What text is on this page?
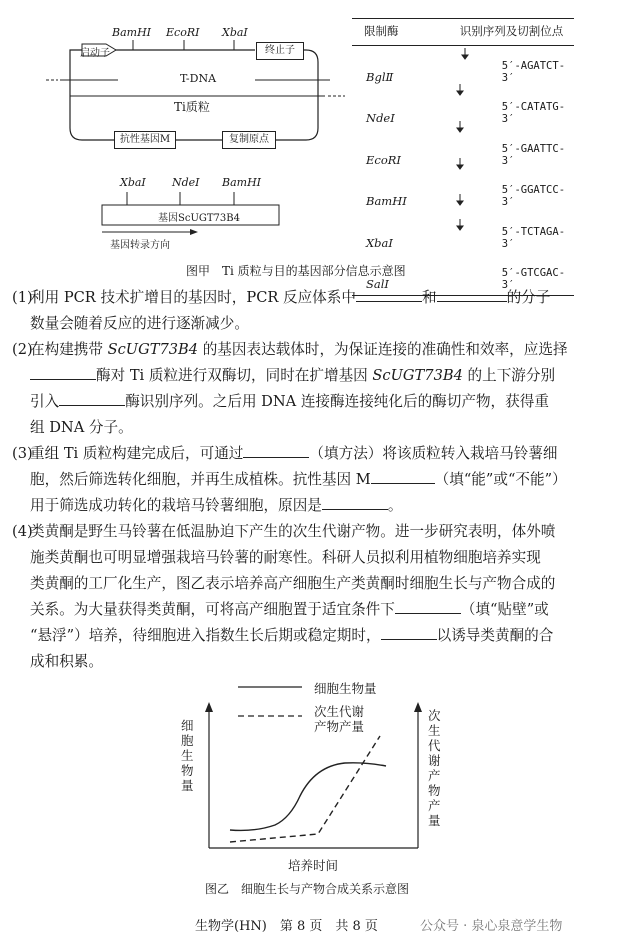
BamHⅠ EcoRⅠ XbaⅠ
启动子	终止子
T-DNA
Ti质粒
抗性基因M	复制原点
XbaⅠ NdeⅠ BamHⅠ
基因ScUGT73B4
基因转录方向
限制酶	识别序列及切割位点
BglⅡ	5′-AGATCT-3′
NdeⅠ	5′-CATATG-3′
EcoRⅠ	5′-GAATTC-3′
BamHⅠ	5′-GGATCC-3′
XbaⅠ	5′-TCTAGA-3′
SalⅠ	5′-GTCGAC-3′
图甲　Ti 质粒与目的基因部分信息示意图
(1)
利用 PCR 技术扩增目的基因时，PCR 反应体系中	和	的分子
数量会随着反应的进行逐渐减少。
(2)
在构建携带 ScUGT73B4 的基因表达载体时，为保证连接的准确性和效率，应选择
酶对 Ti 质粒进行双酶切，同时在扩增基因 ScUGT73B4 的上下游分别
引入	酶识别序列。之后用 DNA 连接酶连接纯化后的酶切产物，获得重
组 DNA 分子。
(3)
重组 Ti 质粒构建完成后，可通过	（填方法）将该质粒转入栽培马铃薯细
胞，然后筛选转化细胞，并再生成植株。抗性基因 M	（填“能”或“不能”）
用于筛选成功转化的栽培马铃薯细胞，原因是	。
(4)
类黄酮是野生马铃薯在低温胁迫下产生的次生代谢产物。进一步研究表明，体外喷
施类黄酮也可明显增强栽培马铃薯的耐寒性。科研人员拟利用植物细胞培养实现
类黄酮的工厂化生产，图乙表示培养高产细胞生产类黄酮时细胞生长与产物合成的
关系。为大量获得类黄酮，可将高产细胞置于适宜条件下	（填“贴壁”或
“悬浮”）培养，待细胞进入指数生长后期或稳定期时，	以诱导类黄酮的合
成和积累。
细胞生物量
次生代谢
产物产量
细胞生物量
次生代谢产物产量
培养时间
图乙　细胞生长与产物合成关系示意图
生物学(HN)　第 8 页　共 8 页	公众号 · 泉心泉意学生物
